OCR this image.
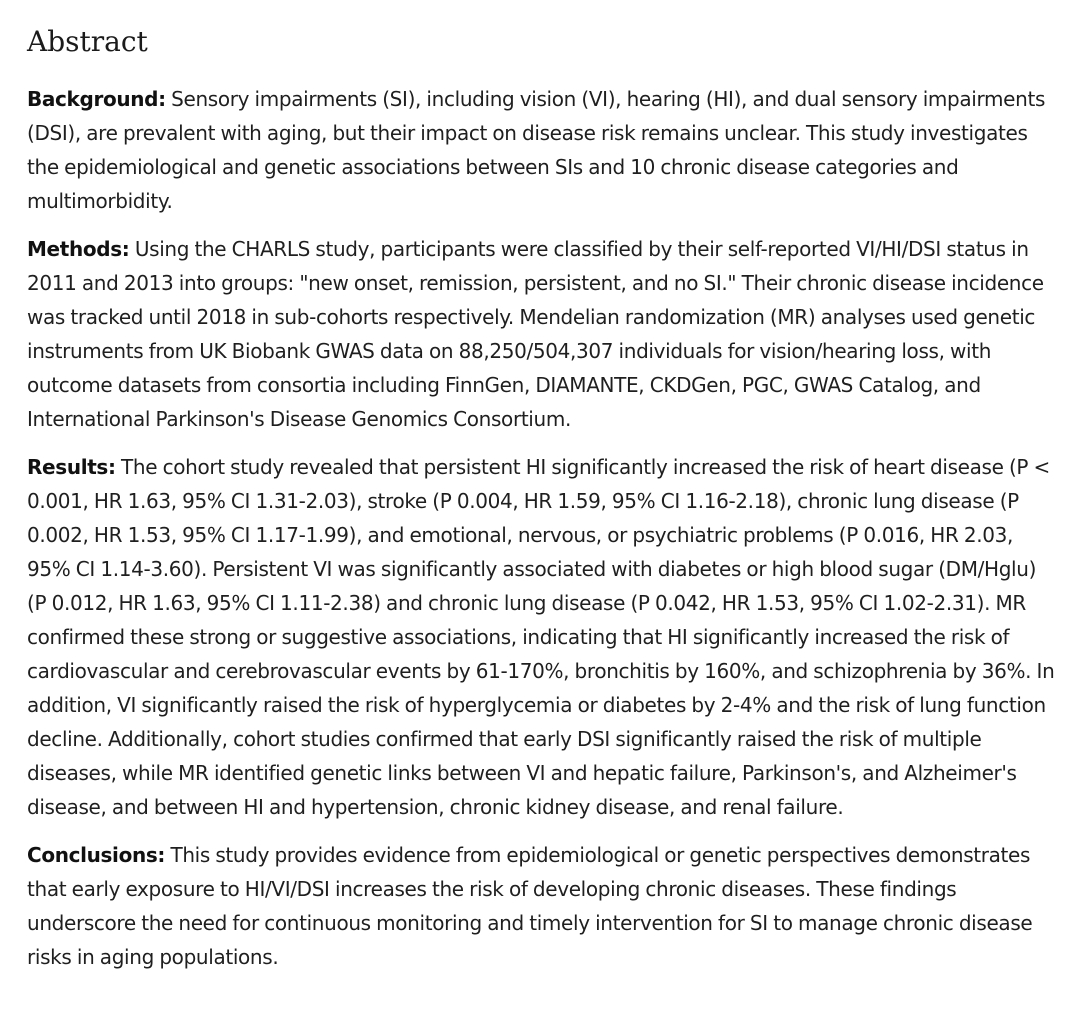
Abstract

Background: Sensory impairments (SI), including vision (VI), hearing (HI), and dual sensory impairments (DSI), are prevalent with aging, but their impact on disease risk remains unclear. This study investigates the epidemiological and genetic associations between SIs and 10 chronic disease categories and multimorbidity.

Methods: Using the CHARLS study, participants were classified by their self-reported VI/HI/DSI status in 2011 and 2013 into groups: "new onset, remission, persistent, and no SI." Their chronic disease incidence was tracked until 2018 in sub-cohorts respectively. Mendelian randomization (MR) analyses used genetic instruments from UK Biobank GWAS data on 88,250/504,307 individuals for vision/hearing loss, with outcome datasets from consortia including FinnGen, DIAMANTE, CKDGen, PGC, GWAS Catalog, and International Parkinson's Disease Genomics Consortium.

Results: The cohort study revealed that persistent HI significantly increased the risk of heart disease (P < 0.001, HR 1.63, 95% CI 1.31-2.03), stroke (P 0.004, HR 1.59, 95% CI 1.16-2.18), chronic lung disease (P 0.002, HR 1.53, 95% CI 1.17-1.99), and emotional, nervous, or psychiatric problems (P 0.016, HR 2.03, 95% CI 1.14-3.60). Persistent VI was significantly associated with diabetes or high blood sugar (DM/Hglu) (P 0.012, HR 1.63, 95% CI 1.11-2.38) and chronic lung disease (P 0.042, HR 1.53, 95% CI 1.02-2.31). MR confirmed these strong or suggestive associations, indicating that HI significantly increased the risk of cardiovascular and cerebrovascular events by 61-170%, bronchitis by 160%, and schizophrenia by 36%. In addition, VI significantly raised the risk of hyperglycemia or diabetes by 2-4% and the risk of lung function decline. Additionally, cohort studies confirmed that early DSI significantly raised the risk of multiple diseases, while MR identified genetic links between VI and hepatic failure, Parkinson's, and Alzheimer's disease, and between HI and hypertension, chronic kidney disease, and renal failure.

Conclusions: This study provides evidence from epidemiological or genetic perspectives demonstrates that early exposure to HI/VI/DSI increases the risk of developing chronic diseases. These findings underscore the need for continuous monitoring and timely intervention for SI to manage chronic disease risks in aging populations.
